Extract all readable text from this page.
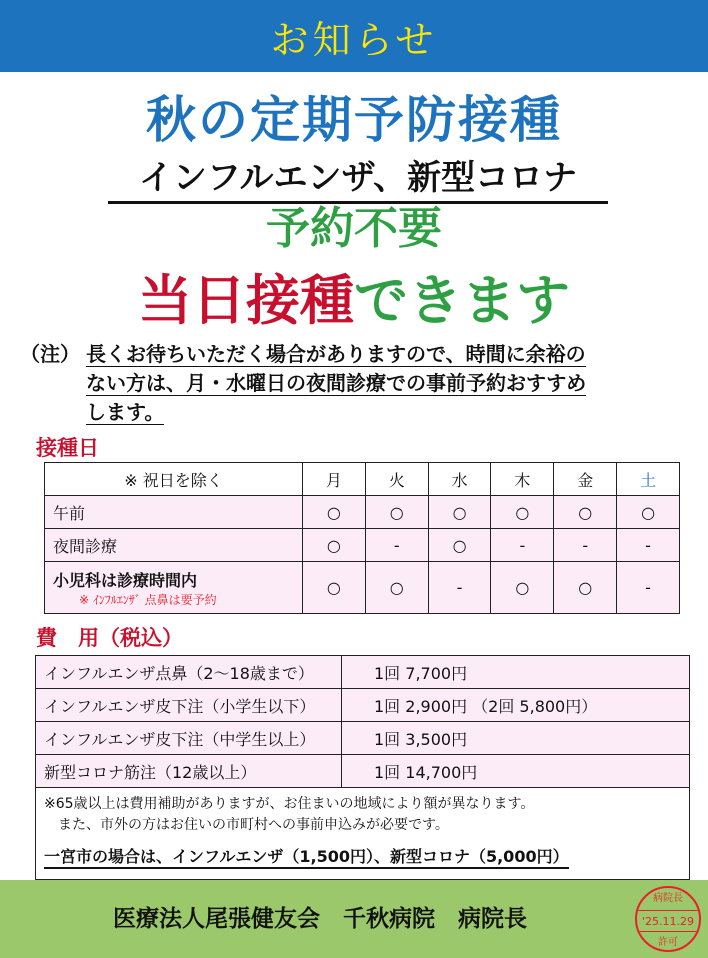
お知らせ
秋の定期予防接種
インフルエンザ、新型コロナ
予約不要
当日接種できます
（注） 長くお待ちいただく場合がありますので、時間に余裕の
ない方は、月・水曜日の夜間診療での事前予約おすすめ
します。
接種日
※ 祝日を除く	月	火	水	木	金	土
午前	○	○	○	○	○	○
夜間診療	○	-	○	-	-	-
小児科は診療時間内
※ ｲﾝﾌﾙｴﾝｻﾞ 点鼻は要予約	○	○	-	○	○	-
費　用（税込）
インフルエンザ点鼻（2～18歳まで）	1回 7,700円
インフルエンザ皮下注（小学生以下）	1回 2,900円 （2回 5,800円）
インフルエンザ皮下注（中学生以上）	1回 3,500円
新型コロナ筋注（12歳以上）	1回 14,700円

※65歳以上は費用補助がありますが、お住まいの地域により額が異なります。
　また、市外の方はお住いの市町村への事前申込みが必要です。
一宮市の場合は、インフルエンザ（1,500円）、新型コロナ（5,000円）	
医療法人尾張健友会　千秋病院　病院長
病院長
'25.11.29
許可
